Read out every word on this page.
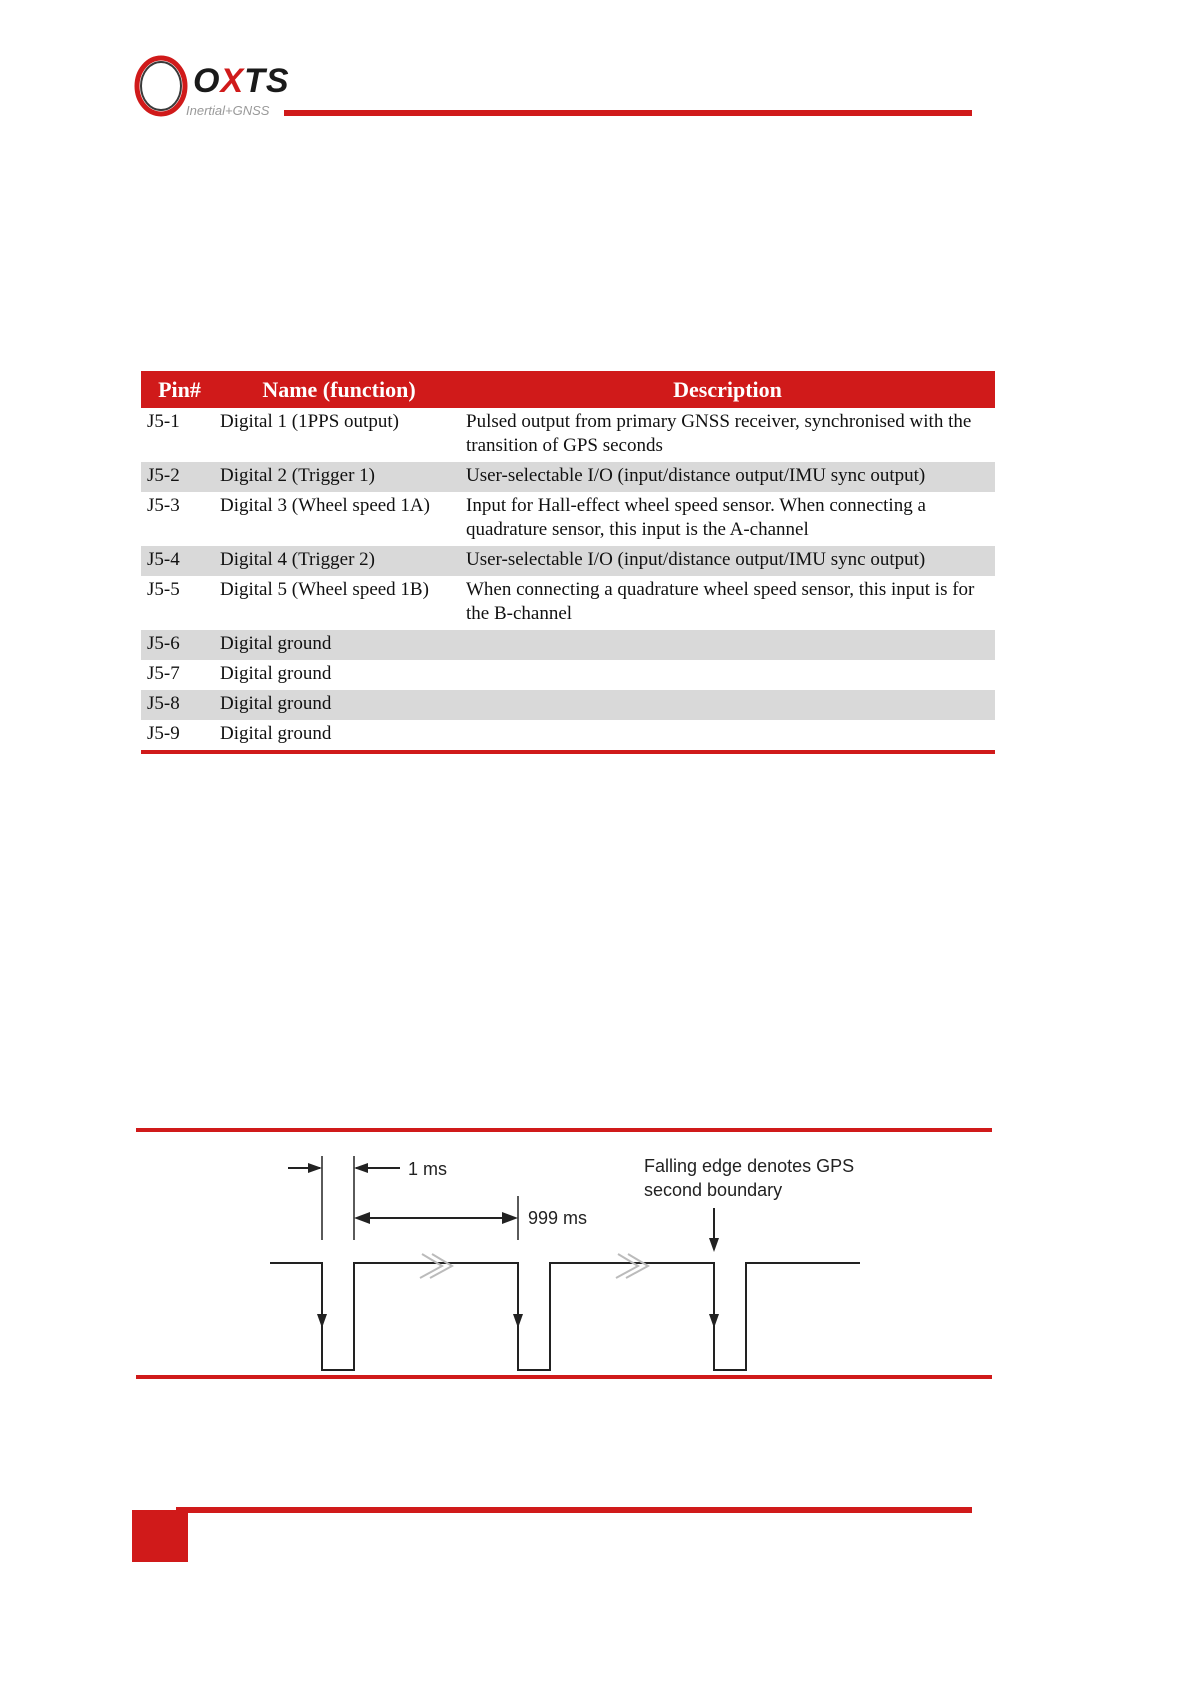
OXTS
Inertial+GNSS
Pin#	Name (function)	Description
J5-1	Digital 1 (1PPS output)	Pulsed output from primary GNSS receiver, synchronised with the transition of GPS seconds
J5-2	Digital 2 (Trigger 1)	User-selectable I/O (input/distance output/IMU sync output)
J5-3	Digital 3 (Wheel speed 1A)	Input for Hall-effect wheel speed sensor. When connecting a quadrature sensor, this input is the A-channel
J5-4	Digital 4 (Trigger 2)	User-selectable I/O (input/distance output/IMU sync output)
J5-5	Digital 5 (Wheel speed 1B)	When connecting a quadrature wheel speed sensor, this input is for the B-channel
J5-6	Digital ground	
J5-7	Digital ground	
J5-8	Digital ground	
J5-9	Digital ground	
1 ms
999 ms
Falling edge denotes GPS
second boundary
